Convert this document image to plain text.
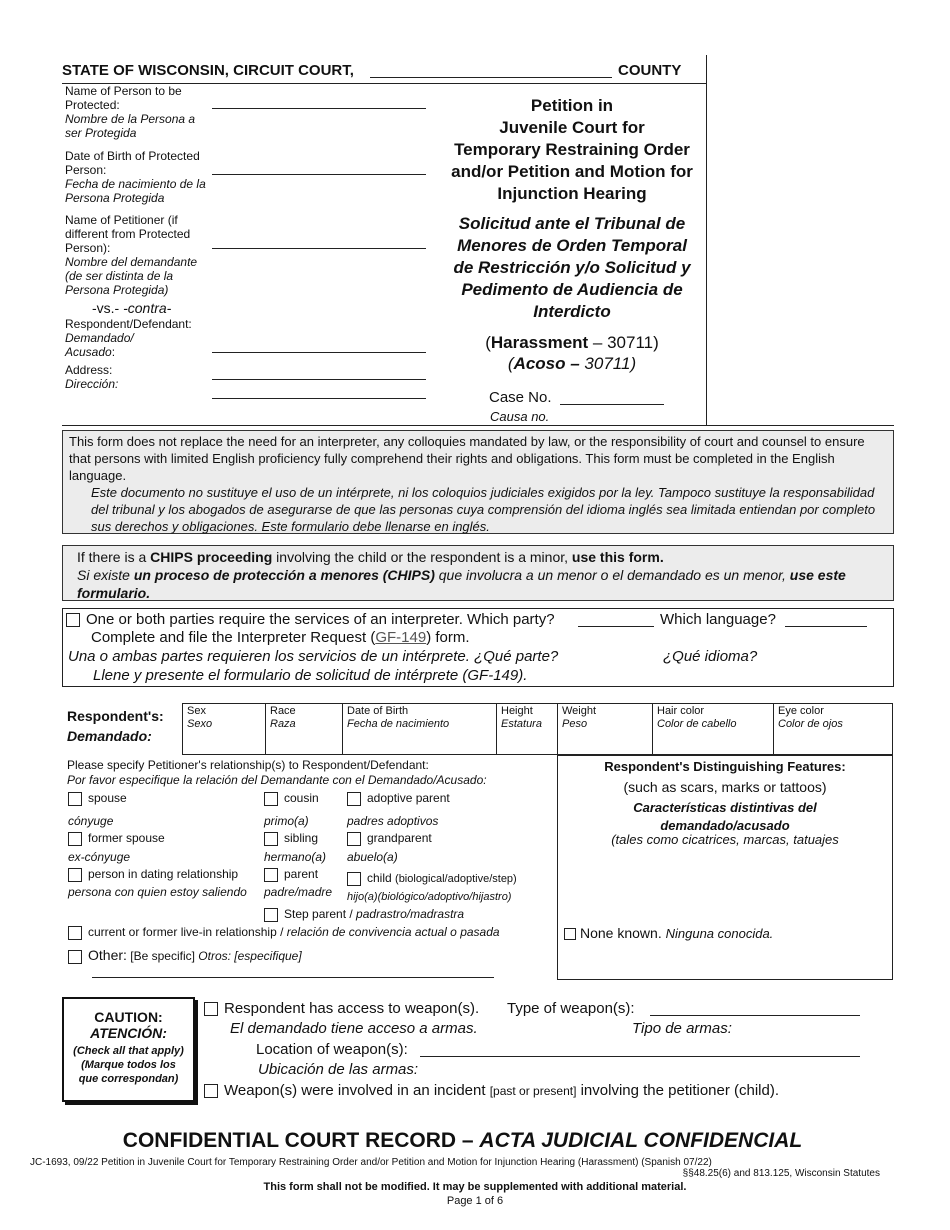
STATE OF WISCONSIN, CIRCUIT COURT,	COUNTY
Name of Person to be Protected:
Nombre de la Persona a ser Protegida
Date of Birth of Protected Person:
Fecha de nacimiento de la Persona Protegida
Name of Petitioner (if different from Protected Person):
Nombre del demandante (de ser distinta de la Persona Protegida)
-vs.- -contra-
Respondent/Defendant:
Demandado/
Acusado:
Address:
Dirección:
Petition in
Juvenile Court for
Temporary Restraining Order
and/or Petition and Motion for
Injunction Hearing
Solicitud ante el Tribunal de
Menores de Orden Temporal
de Restricción y/o Solicitud y
Pedimento de Audiencia de
Interdicto
(Harassment – 30711)
(Acoso – 30711)
Case No.
Causa no.
This form does not replace the need for an interpreter, any colloquies mandated by law, or the responsibility of court and counsel to ensure that persons with limited English proficiency fully comprehend their rights and obligations. This form must be completed in the English language.
Este documento no sustituye el uso de un intérprete, ni los coloquios judiciales exigidos por la ley. Tampoco sustituye la responsabilidad del tribunal y los abogados de asegurarse de que las personas cuya comprensión del idioma inglés sea limitada entiendan por completo sus derechos y obligaciones. Este formulario debe llenarse en inglés.
If there is a CHIPS proceeding involving the child or the respondent is a minor, use this form.
Si existe un proceso de protección a menores (CHIPS) que involucra a un menor o el demandado es un menor, use este formulario.
One or both parties require the services of an interpreter. Which party?	Which language?
Complete and file the Interpreter Request (GF-149) form.
Una o ambas partes requieren los servicios de un intérprete. ¿Qué parte?	¿Qué idioma?
Llene y presente el formulario de solicitud de intérprete (GF-149).
Respondent's:
Demandado:
Sex
Sexo
Race
Raza
Date of Birth
Fecha de nacimiento
Height
Estatura
Weight
Peso
Hair color
Color de cabello
Eye color
Color de ojos
Please specify Petitioner's relationship(s) to Respondent/Defendant:
Por favor especifique la relación del Demandante con el Demandado/Acusado:
spouse
cónyuge
former spouse
ex-cónyuge
person in dating relationship
persona con quien estoy saliendo
cousin
primo(a)
sibling
hermano(a)
parent
padre/madre
Step parent / padrastro/madrastra
adoptive parent
padres adoptivos
grandparent
abuelo(a)
child (biological/adoptive/step)
hijo(a)(biológico/adoptivo/hijastro)
current or former live-in relationship / relación de convivencia actual o pasada
Other: [Be specific] Otros: [especifique]
Respondent's Distinguishing Features:
(such as scars, marks or tattoos)
Características distintivas del demandado/acusado
(tales como cicatrices, marcas, tatuajes
None known. Ninguna conocida.
CAUTION:
ATENCIÓN:
(Check all that apply)
(Marque todos los que correspondan)
Respondent has access to weapon(s). Type of weapon(s):
El demandado tiene acceso a armas.	Tipo de armas:
Location of weapon(s):
Ubicación de las armas:
Weapon(s) were involved in an incident [past or present] involving the petitioner (child).
CONFIDENTIAL COURT RECORD – ACTA JUDICIAL CONFIDENCIAL
JC-1693, 09/22 Petition in Juvenile Court for Temporary Restraining Order and/or Petition and Motion for Injunction Hearing (Harassment) (Spanish 07/22)
§§48.25(6) and 813.125, Wisconsin Statutes
This form shall not be modified. It may be supplemented with additional material.
Page 1 of 6
